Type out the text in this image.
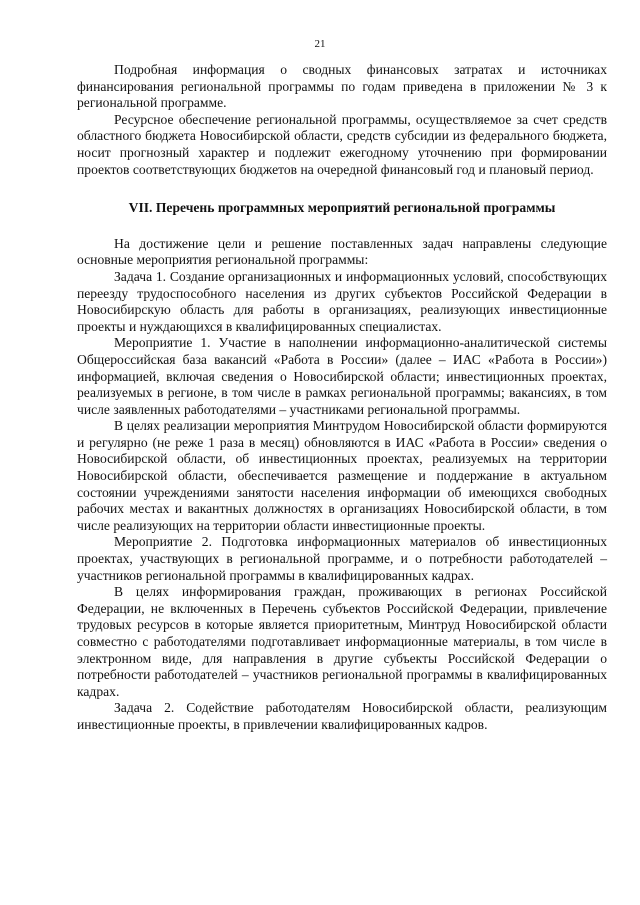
21

Подробная информация о сводных финансовых затратах и источниках финансирования региональной программы по годам приведена в приложении № 3 к региональной программе.

Ресурсное обеспечение региональной программы, осуществляемое за счет средств областного бюджета Новосибирской области, средств субсидии из федерального бюджета, носит прогнозный характер и подлежит ежегодному уточнению при формировании проектов соответствующих бюджетов на очередной финансовый год и плановый период.

VII. Перечень программных мероприятий региональной программы

На достижение цели и решение поставленных задач направлены следующие основные мероприятия региональной программы:

Задача 1. Создание организационных и информационных условий, способствующих переезду трудоспособного населения из других субъектов Российской Федерации в Новосибирскую область для работы в организациях, реализующих инвестиционные проекты и нуждающихся в квалифицированных специалистах.

Мероприятие 1. Участие в наполнении информационно-аналитической системы Общероссийская база вакансий «Работа в России» (далее – ИАС «Работа в России») информацией, включая сведения о Новосибирской области; инвестиционных проектах, реализуемых в регионе, в том числе в рамках региональной программы; вакансиях, в том числе заявленных работодателями – участниками региональной программы.

В целях реализации мероприятия Минтрудом Новосибирской области формируются и регулярно (не реже 1 раза в месяц) обновляются в ИАС «Работа в России» сведения о Новосибирской области, об инвестиционных проектах, реализуемых на территории Новосибирской области, обеспечивается размещение и поддержание в актуальном состоянии учреждениями занятости населения информации об имеющихся свободных рабочих местах и вакантных должностях в организациях Новосибирской области, в том числе реализующих на территории области инвестиционные проекты.

Мероприятие 2. Подготовка информационных материалов об инвестиционных проектах, участвующих в региональной программе, и о потребности работодателей – участников региональной программы в квалифицированных кадрах.

В целях информирования граждан, проживающих в регионах Российской Федерации, не включенных в Перечень субъектов Российской Федерации, привлечение трудовых ресурсов в которые является приоритетным, Минтруд Новосибирской области совместно с работодателями подготавливает информационные материалы, в том числе в электронном виде, для направления в другие субъекты Российской Федерации о потребности работодателей – участников региональной программы в квалифицированных кадрах.

Задача 2. Содействие работодателям Новосибирской области, реализующим инвестиционные проекты, в привлечении квалифицированных кадров.
